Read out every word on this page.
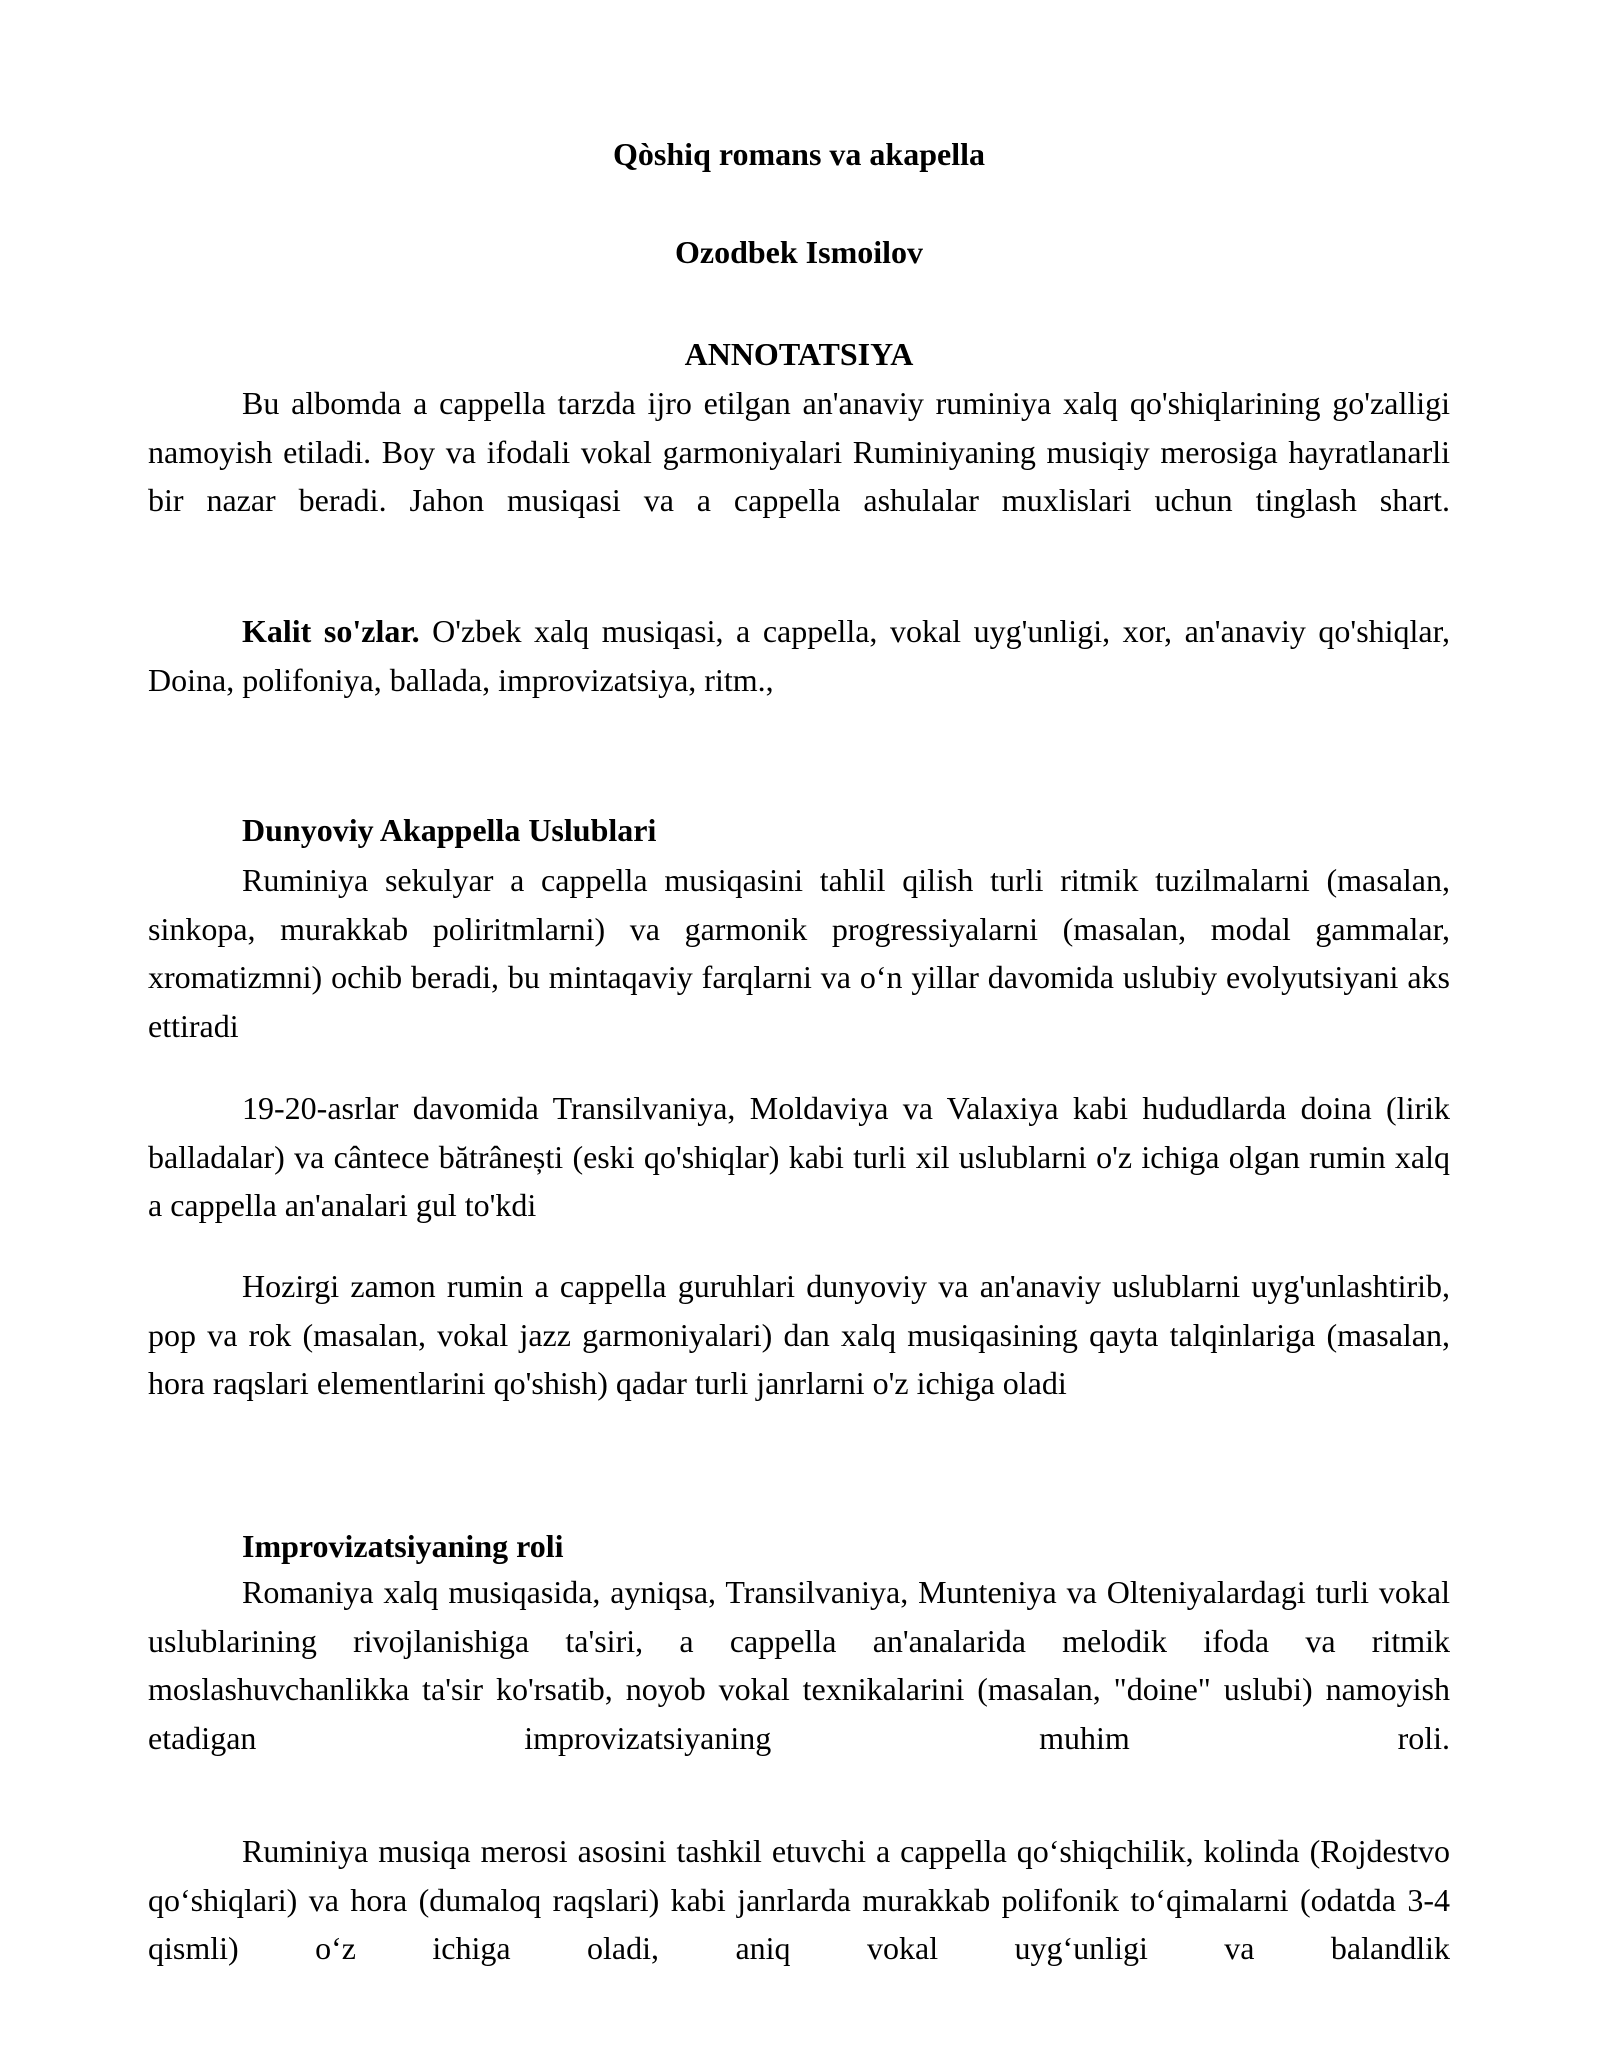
Qòshiq romans va akapella
Ozodbek Ismoilov
ANNOTATSIYA

Bu albomda a cappella tarzda ijro etilgan an'anaviy ruminiya xalq qo'shiqlarining go'zalligi namoyish etiladi. Boy va ifodali vokal garmoniyalari Ruminiyaning musiqiy merosiga hayratlanarli bir nazar beradi. Jahon musiqasi va a cappella ashulalar muxlislari uchun tinglash shart.

Kalit so'zlar. O'zbek xalq musiqasi, a cappella, vokal uyg'unligi, xor, an'anaviy qo'shiqlar, Doina, polifoniya, ballada, improvizatsiya, ritm.,

Dunyoviy Akappella Uslublari

Ruminiya sekulyar a cappella musiqasini tahlil qilish turli ritmik tuzilmalarni (masalan, sinkopa, murakkab poliritmlarni) va garmonik progressiyalarni (masalan, modal gammalar, xromatizmni) ochib beradi, bu mintaqaviy farqlarni va o‘n yillar davomida uslubiy evolyutsiyani aks ettiradi

19-20-asrlar davomida Transilvaniya, Moldaviya va Valaxiya kabi hududlarda doina (lirik balladalar) va cântece bătrânești (eski qo'shiqlar) kabi turli xil uslublarni o'z ichiga olgan rumin xalq a cappella an'analari gul to'kdi

Hozirgi zamon rumin a cappella guruhlari dunyoviy va an'anaviy uslublarni uyg'unlashtirib, pop va rok (masalan, vokal jazz garmoniyalari) dan xalq musiqasining qayta talqinlariga (masalan, hora raqslari elementlarini qo'shish) qadar turli janrlarni o'z ichiga oladi

Improvizatsiyaning roli

Romaniya xalq musiqasida, ayniqsa, Transilvaniya, Munteniya va Olteniyalardagi turli vokal uslublarining rivojlanishiga ta'siri, a cappella an'analarida melodik ifoda va ritmik moslashuvchanlikka ta'sir ko'rsatib, noyob vokal texnikalarini (masalan, "doine" uslubi) namoyish etadigan improvizatsiyaning muhim roli.

Ruminiya musiqa merosi asosini tashkil etuvchi a cappella qo‘shiqchilik, kolinda (Rojdestvo qo‘shiqlari) va hora (dumaloq raqslari) kabi janrlarda murakkab polifonik to‘qimalarni (odatda 3-4 qismli) o‘z ichiga oladi, aniq vokal uyg‘unligi va balandlik
